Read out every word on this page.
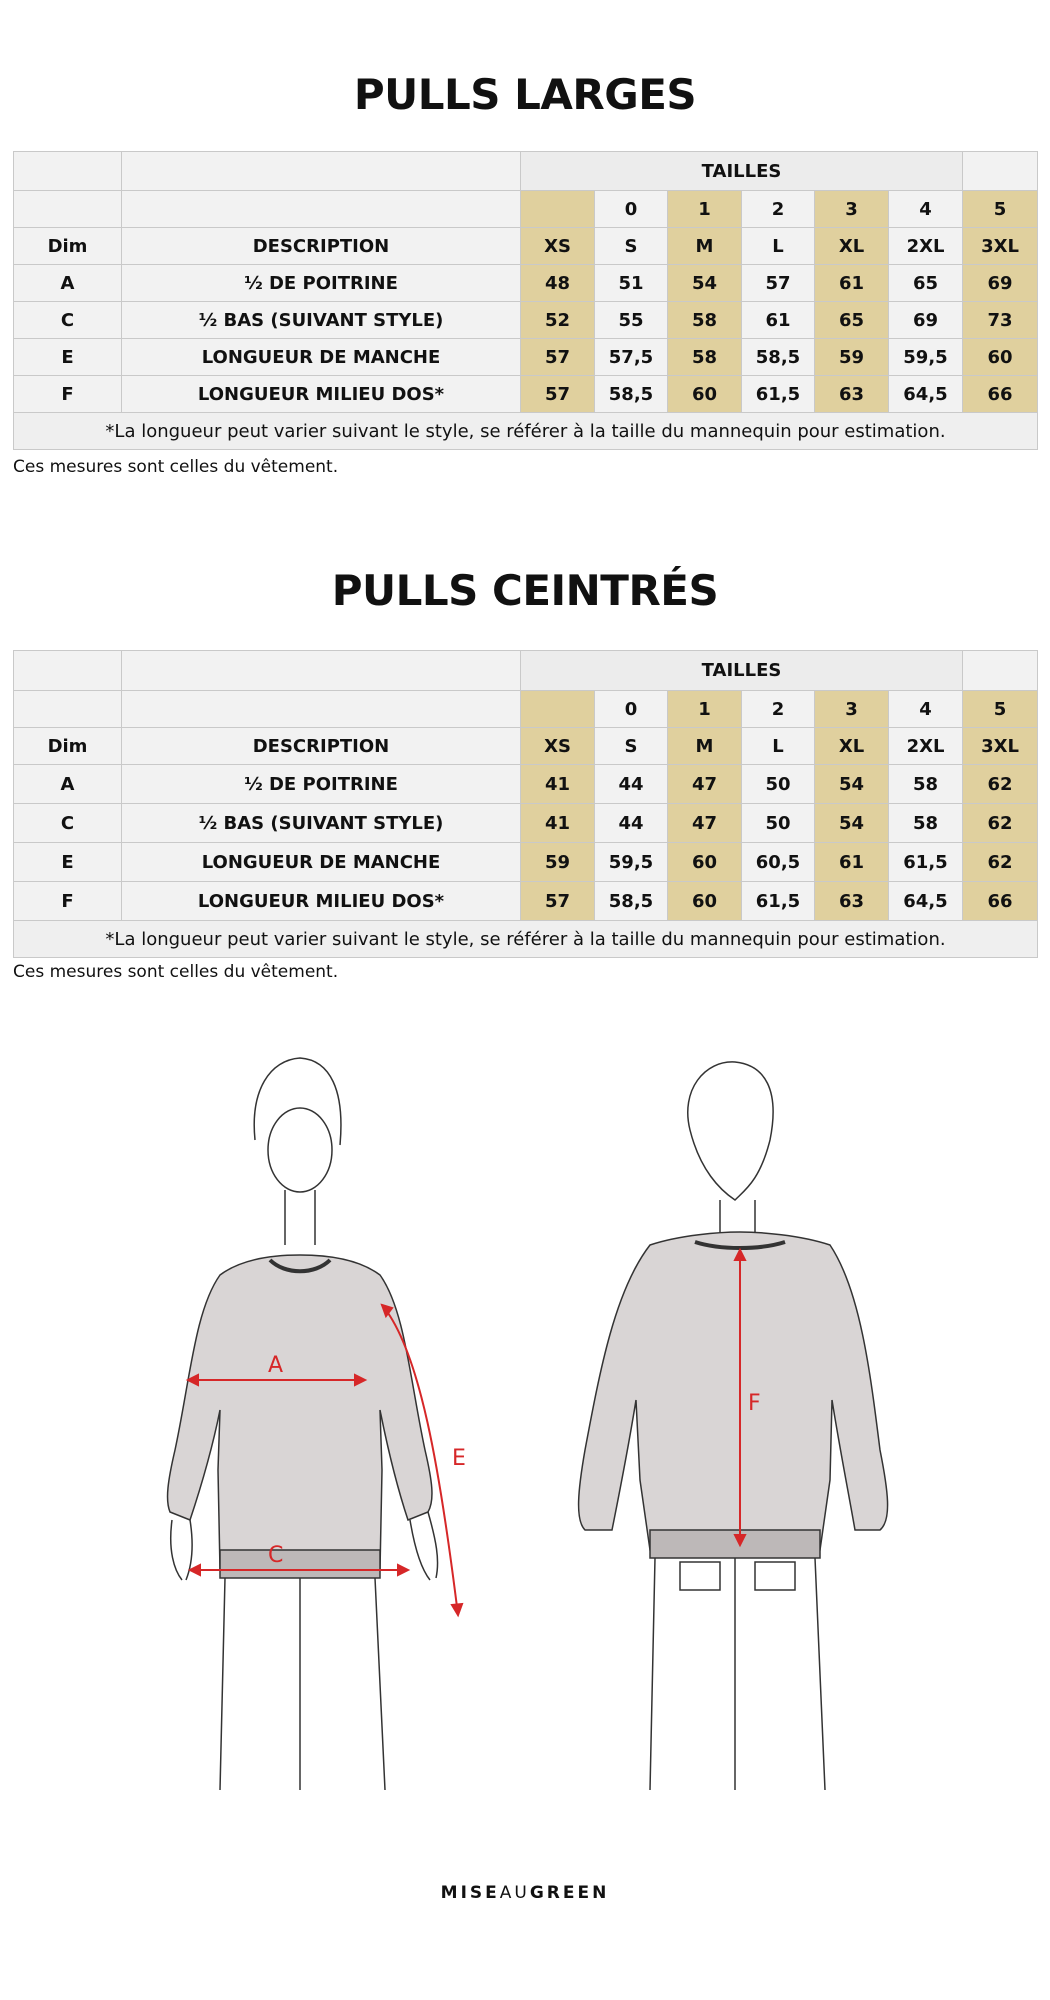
PULLS LARGES
		TAILLES						
			0	1	2	3	4	5
Dim	DESCRIPTION	XS	S	M	L	XL	2XL	3XL
A	½ DE POITRINE	48	51	54	57	61	65	69
C	½ BAS (SUIVANT STYLE)	52	55	58	61	65	69	73
E	LONGUEUR DE MANCHE	57	57,5	58	58,5	59	59,5	60
F	LONGUEUR MILIEU DOS*	57	58,5	60	61,5	63	64,5	66
*La longueur peut varier suivant le style, se référer à la taille du mannequin pour estimation.								
Ces mesures sont celles du vêtement.
PULLS CEINTRÉS
		TAILLES						
			0	1	2	3	4	5
Dim	DESCRIPTION	XS	S	M	L	XL	2XL	3XL
A	½ DE POITRINE	41	44	47	50	54	58	62
C	½ BAS (SUIVANT STYLE)	41	44	47	50	54	58	62
E	LONGUEUR DE MANCHE	59	59,5	60	60,5	61	61,5	62
F	LONGUEUR MILIEU DOS*	57	58,5	60	61,5	63	64,5	66
*La longueur peut varier suivant le style, se référer à la taille du mannequin pour estimation.								
Ces mesures sont celles du vêtement.
A
C
E
F
MISEAUGREEN
